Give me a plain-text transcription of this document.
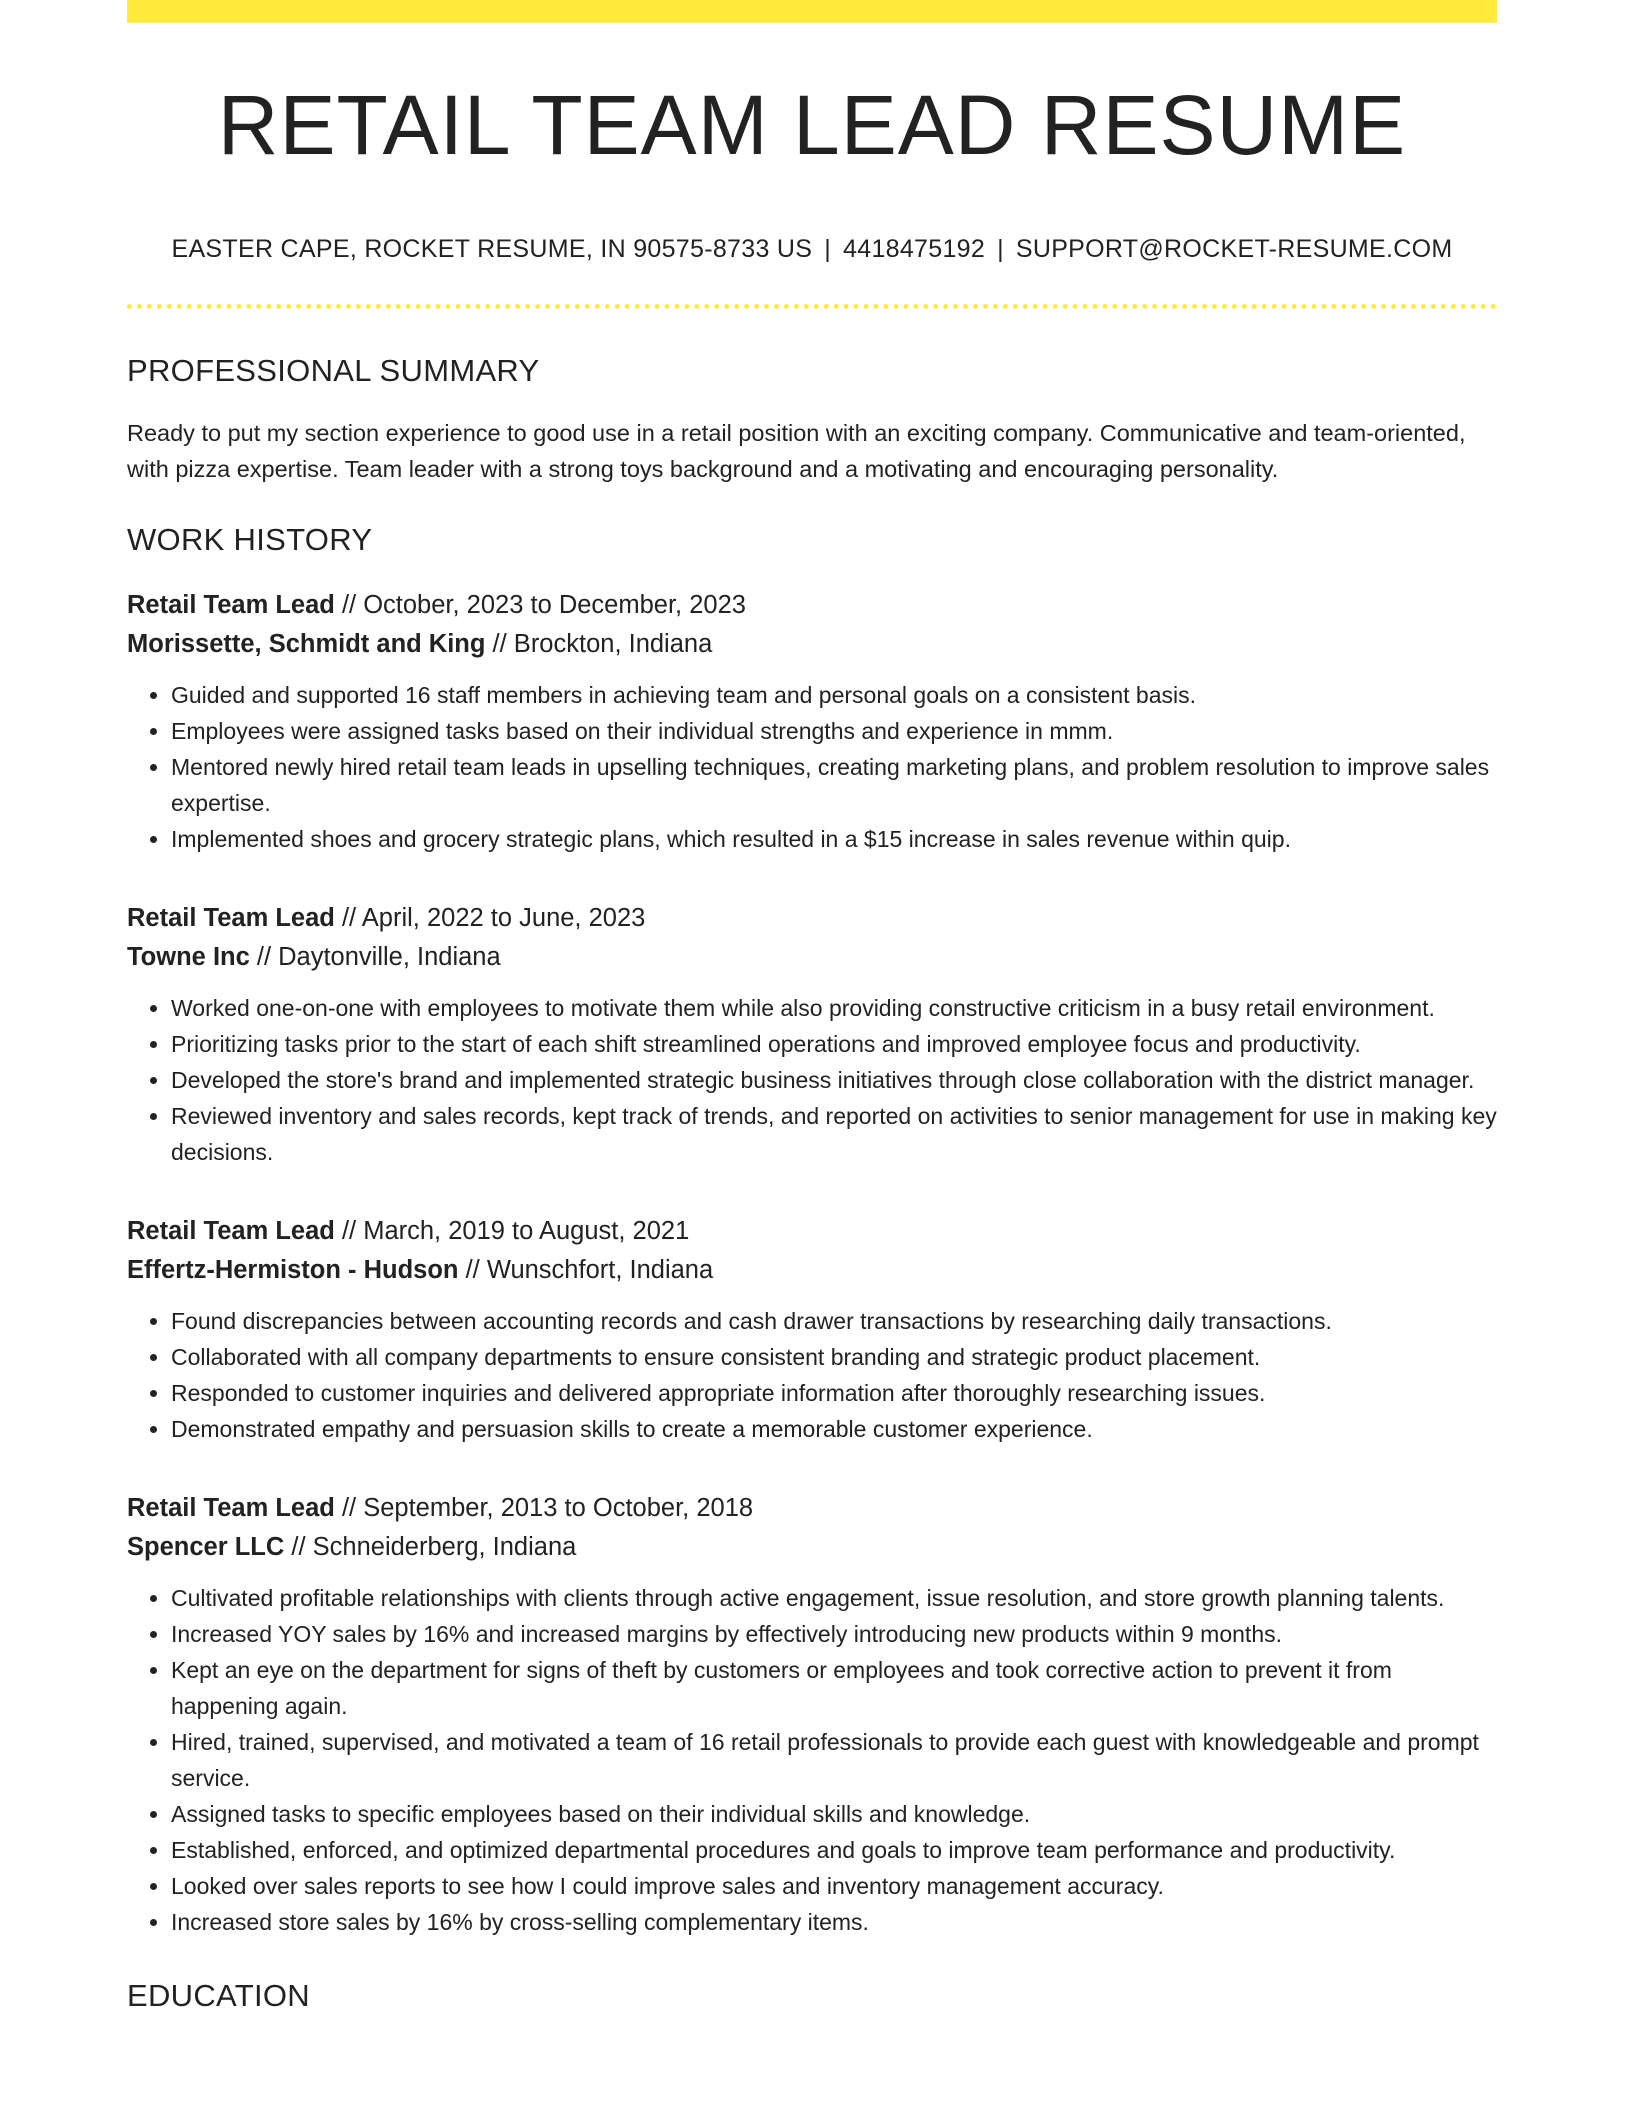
RETAIL TEAM LEAD RESUME
EASTER CAPE, ROCKET RESUME, IN 90575-8733 US | 4418475192 | SUPPORT@ROCKET-RESUME.COM
PROFESSIONAL SUMMARY
Ready to put my section experience to good use in a retail position with an exciting company. Communicative and team-oriented, with pizza expertise. Team leader with a strong toys background and a motivating and encouraging personality.
WORK HISTORY
Retail Team Lead // October, 2023 to December, 2023
Morissette, Schmidt and King // Brockton, Indiana
• Guided and supported 16 staff members in achieving team and personal goals on a consistent basis.
• Employees were assigned tasks based on their individual strengths and experience in mmm.
• Mentored newly hired retail team leads in upselling techniques, creating marketing plans, and problem resolution to improve sales expertise.
• Implemented shoes and grocery strategic plans, which resulted in a $15 increase in sales revenue within quip.
Retail Team Lead // April, 2022 to June, 2023
Towne Inc // Daytonville, Indiana
• Worked one-on-one with employees to motivate them while also providing constructive criticism in a busy retail environment.
• Prioritizing tasks prior to the start of each shift streamlined operations and improved employee focus and productivity.
• Developed the store's brand and implemented strategic business initiatives through close collaboration with the district manager.
• Reviewed inventory and sales records, kept track of trends, and reported on activities to senior management for use in making key decisions.
Retail Team Lead // March, 2019 to August, 2021
Effertz-Hermiston - Hudson // Wunschfort, Indiana
• Found discrepancies between accounting records and cash drawer transactions by researching daily transactions.
• Collaborated with all company departments to ensure consistent branding and strategic product placement.
• Responded to customer inquiries and delivered appropriate information after thoroughly researching issues.
• Demonstrated empathy and persuasion skills to create a memorable customer experience.
Retail Team Lead // September, 2013 to October, 2018
Spencer LLC // Schneiderberg, Indiana
• Cultivated profitable relationships with clients through active engagement, issue resolution, and store growth planning talents.
• Increased YOY sales by 16% and increased margins by effectively introducing new products within 9 months.
• Kept an eye on the department for signs of theft by customers or employees and took corrective action to prevent it from happening again.
• Hired, trained, supervised, and motivated a team of 16 retail professionals to provide each guest with knowledgeable and prompt service.
• Assigned tasks to specific employees based on their individual skills and knowledge.
• Established, enforced, and optimized departmental procedures and goals to improve team performance and productivity.
• Looked over sales reports to see how I could improve sales and inventory management accuracy.
• Increased store sales by 16% by cross-selling complementary items.
EDUCATION
